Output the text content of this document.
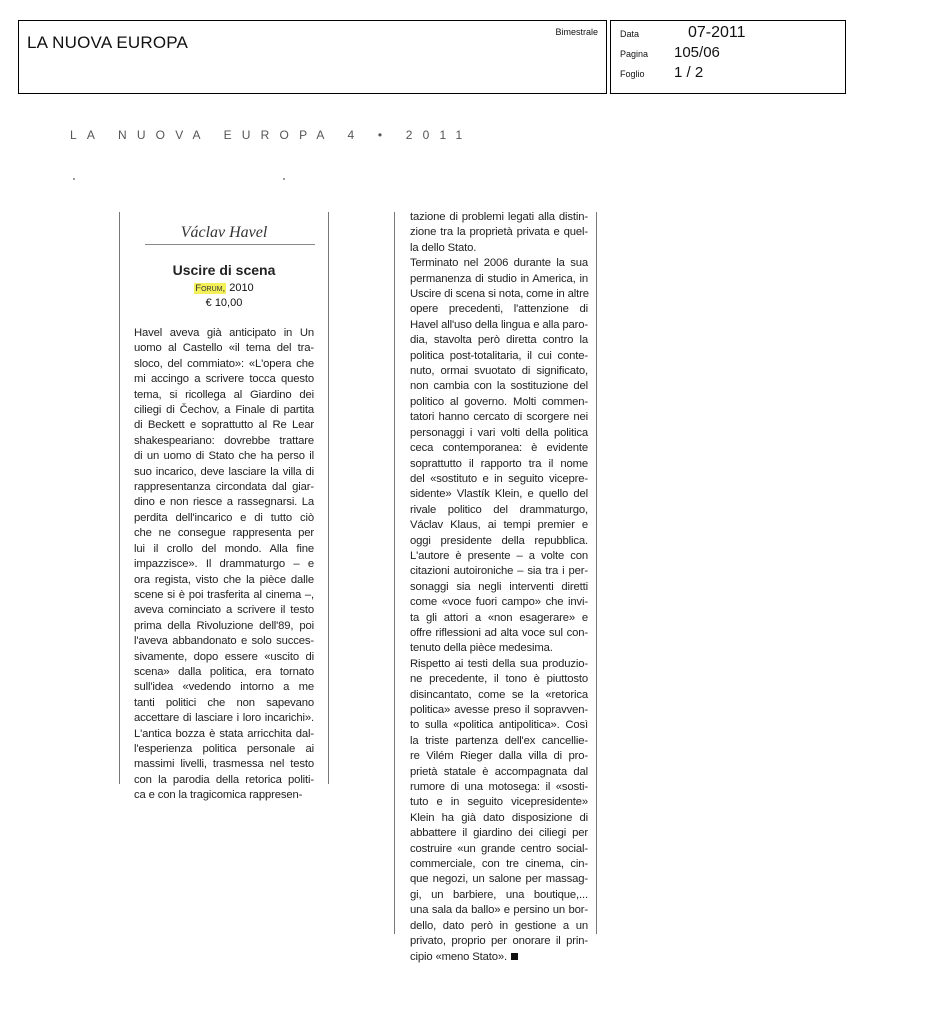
LA NUOVA EUROPA
Bimestrale Data	07-2011
Pagina 105/06
Foglio 1 / 2
LA NUOVA EUROPA 4 • 2011
Václav Havel
Uscire di scena
Forum, 2010
€ 10,00
Havel aveva già anticipato in Un
uomo al Castello «il tema del tra-
sloco, del commiato»: «L'opera che
mi accingo a scrivere tocca questo
tema, si ricollega al Giardino dei
ciliegi di Čechov, a Finale di partita
di Beckett e soprattutto al Re Lear
shakespeariano: dovrebbe trattare
di un uomo di Stato che ha perso il
suo incarico, deve lasciare la villa di
rappresentanza circondata dal giar-
dino e non riesce a rassegnarsi. La
perdita dell'incarico e di tutto ciò
che ne consegue rappresenta per
lui il crollo del mondo. Alla fine
impazzisce». Il drammaturgo – e
ora regista, visto che la pièce dalle
scene si è poi trasferita al cinema –,
aveva cominciato a scrivere il testo
prima della Rivoluzione dell'89, poi
l'aveva abbandonato e solo succes-
sivamente, dopo essere «uscito di
scena» dalla politica, era tornato
sull'idea «vedendo intorno a me
tanti politici che non sapevano
accettare di lasciare i loro incarichi».
L'antica bozza è stata arricchita dal-
l'esperienza politica personale ai
massimi livelli, trasmessa nel testo
con la parodia della retorica politi-
ca e con la tragicomica rappresen-
tazione di problemi legati alla distin-
zione tra la proprietà privata e quel-
la dello Stato.
Terminato nel 2006 durante la sua
permanenza di studio in America, in
Uscire di scena si nota, come in altre
opere precedenti, l'attenzione di
Havel all'uso della lingua e alla paro-
dia, stavolta però diretta contro la
politica post-totalitaria, il cui conte-
nuto, ormai svuotato di significato,
non cambia con la sostituzione del
politico al governo. Molti commen-
tatori hanno cercato di scorgere nei
personaggi i vari volti della politica
ceca contemporanea: è evidente
soprattutto il rapporto tra il nome
del «sostituto e in seguito vicepre-
sidente» Vlastík Klein, e quello del
rivale politico del drammaturgo,
Václav Klaus, ai tempi premier e
oggi presidente della repubblica.
L'autore è presente – a volte con
citazioni autoironiche – sia tra i per-
sonaggi sia negli interventi diretti
come «voce fuori campo» che invi-
ta gli attori a «non esagerare» e
offre riflessioni ad alta voce sul con-
tenuto della pièce medesima.
Rispetto ai testi della sua produzio-
ne precedente, il tono è piuttosto
disincantato, come se la «retorica
politica» avesse preso il sopravven-
to sulla «politica antipolitica». Così
la triste partenza dell'ex cancellie-
re Vilém Rieger dalla villa di pro-
prietà statale è accompagnata dal
rumore di una motosega: il «sosti-
tuto e in seguito vicepresidente»
Klein ha già dato disposizione di
abbattere il giardino dei ciliegi per
costruire «un grande centro social-
commerciale, con tre cinema, cin-
que negozi, un salone per massag-
gi, un barbiere, una boutique,...
una sala da ballo» e persino un bor-
dello, dato però in gestione a un
privato, proprio per onorare il prin-
cipio «meno Stato».
